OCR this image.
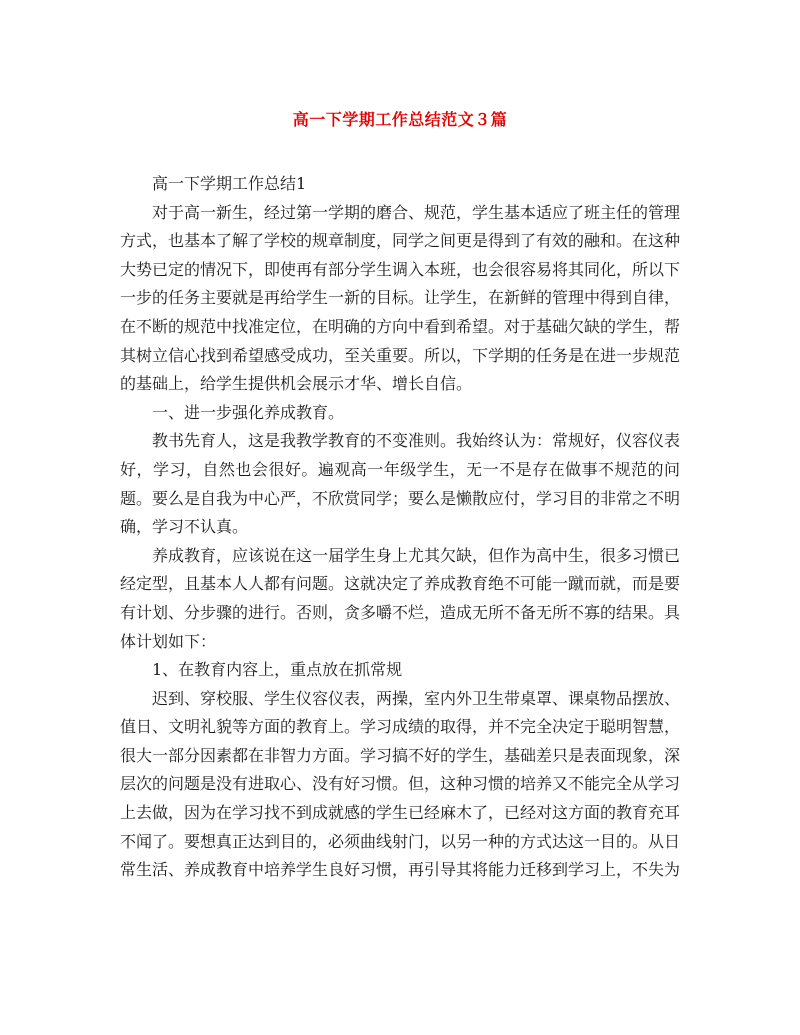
高一下学期工作总结范文３篇

高一下学期工作总结1

对于高一新生，经过第一学期的磨合、规范，学生基本适应了班主任的管理方式，也基本了解了学校的规章制度，同学之间更是得到了有效的融和。在这种大势已定的情况下，即使再有部分学生调入本班，也会很容易将其同化，所以下一步的任务主要就是再给学生一新的目标。让学生，在新鲜的管理中得到自律，在不断的规范中找准定位，在明确的方向中看到希望。对于基础欠缺的学生，帮其树立信心找到希望感受成功，至关重要。所以，下学期的任务是在进一步规范的基础上，给学生提供机会展示才华、增长自信。

一、进一步强化养成教育。

教书先育人，这是我教学教育的不变准则。我始终认为：常规好，仪容仪表好，学习，自然也会很好。遍观高一年级学生，无一不是存在做事不规范的问题。要么是自我为中心严，不欣赏同学；要么是懒散应付，学习目的非常之不明确，学习不认真。

养成教育，应该说在这一届学生身上尤其欠缺，但作为高中生，很多习惯已经定型，且基本人人都有问题。这就决定了养成教育绝不可能一蹴而就，而是要有计划、分步骤的进行。否则，贪多嚼不烂，造成无所不备无所不寡的结果。具体计划如下：

1、在教育内容上，重点放在抓常规

迟到、穿校服、学生仪容仪表，两操，室内外卫生带桌罩、课桌物品摆放、值日、文明礼貌等方面的教育上。学习成绩的取得，并不完全决定于聪明智慧，很大一部分因素都在非智力方面。学习搞不好的学生，基础差只是表面现象，深层次的问题是没有进取心、没有好习惯。但，这种习惯的培养又不能完全从学习上去做，因为在学习找不到成就感的学生已经麻木了，已经对这方面的教育充耳不闻了。要想真正达到目的，必须曲线射门，以另一种的方式达这一目的。从日常生活、养成教育中培养学生良好习惯，再引导其将能力迁移到学习上，不失为
